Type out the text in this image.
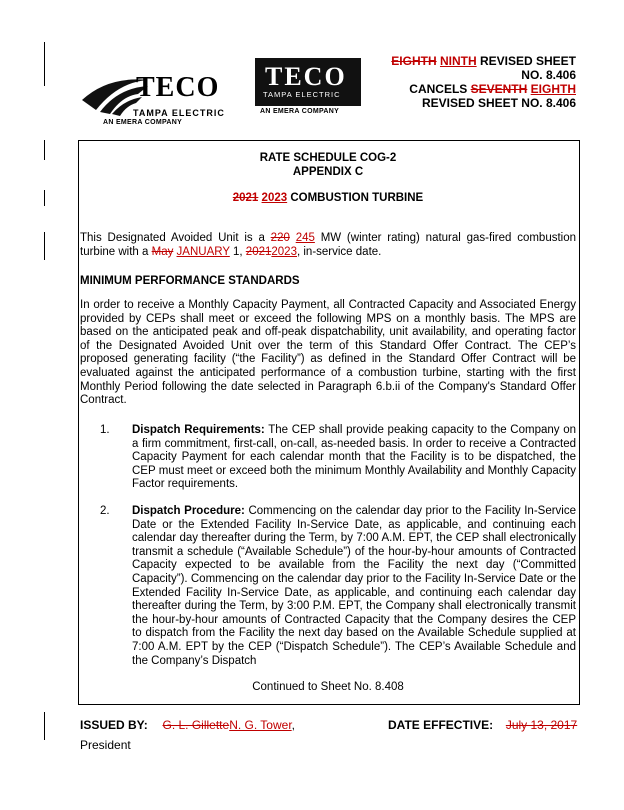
TECO
TAMPA ELECTRIC
AN EMERA COMPANY
TECO
TAMPA ELECTRIC
AN EMERA COMPANY
EIGHTH NINTH REVISED SHEET
NO. 8.406
CANCELS SEVENTH EIGHTH
REVISED SHEET NO. 8.406
RATE SCHEDULE COG-2
APPENDIX C
2021 2023 COMBUSTION TURBINE
This Designated Avoided Unit is a 220 245 MW (winter rating) natural gas-fired combustion turbine with a May JANUARY 1, 20212023, in-service date.
MINIMUM PERFORMANCE STANDARDS
In order to receive a Monthly Capacity Payment, all Contracted Capacity and Associated Energy provided by CEPs shall meet or exceed the following MPS on a monthly basis. The MPS are based on the anticipated peak and off-peak dispatchability, unit availability, and operating factor of the Designated Avoided Unit over the term of this Standard Offer Contract. The CEP’s proposed generating facility (“the Facility”) as defined in the Standard Offer Contract will be evaluated against the anticipated performance of a combustion turbine, starting with the first Monthly Period following the date selected in Paragraph 6.b.ii of the Company's Standard Offer Contract.
1.	Dispatch Requirements: The CEP shall provide peaking capacity to the Company on a firm commitment, first-call, on-call, as-needed basis. In order to receive a Contracted Capacity Payment for each calendar month that the Facility is to be dispatched, the CEP must meet or exceed both the minimum Monthly Availability and Monthly Capacity Factor requirements.
2.	Dispatch Procedure: Commencing on the calendar day prior to the Facility In-Service Date or the Extended Facility In-Service Date, as applicable, and continuing each calendar day thereafter during the Term, by 7:00 A.M. EPT, the CEP shall electronically transmit a schedule (“Available Schedule”) of the hour-by-hour amounts of Contracted Capacity expected to be available from the Facility the next day (“Committed Capacity”). Commencing on the calendar day prior to the Facility In-Service Date or the Extended Facility In-Service Date, as applicable, and continuing each calendar day thereafter during the Term, by 3:00 P.M. EPT, the Company shall electronically transmit the hour-by-hour amounts of Contracted Capacity that the Company desires the CEP to dispatch from the Facility the next day based on the Available Schedule supplied at 7:00 A.M. EPT by the CEP (“Dispatch Schedule”). The CEP’s Available Schedule and the Company’s Dispatch
Continued to Sheet No. 8.408
ISSUED BY: G. L. GilletteN. G. Tower,
President
DATE EFFECTIVE: July 13, 2017
